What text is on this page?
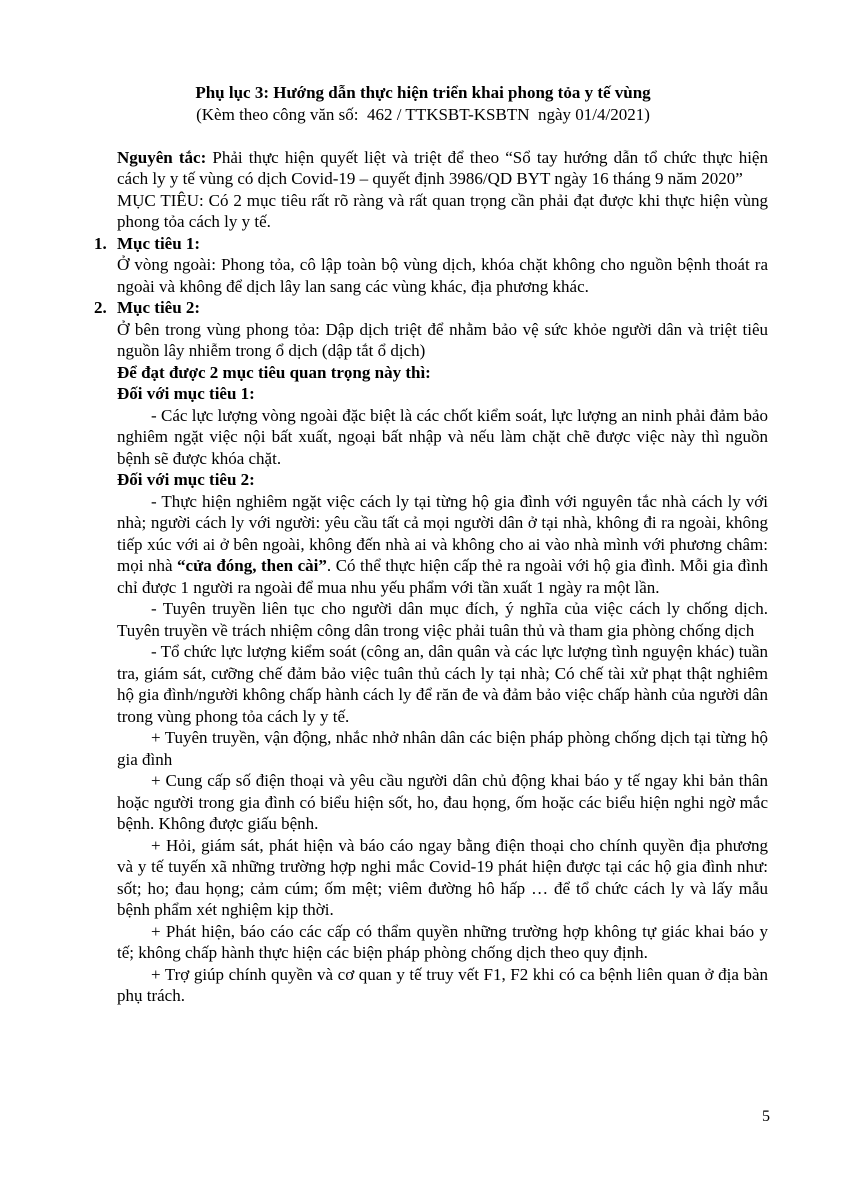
Phụ lục 3: Hướng dẫn thực hiện triển khai phong tỏa y tế vùng
(Kèm theo công văn số:  462 / TTKSBT-KSBTN  ngày 01/4/2021)

Nguyên tắc: Phải thực hiện quyết liệt và triệt để theo “Sổ tay hướng dẫn tổ chức thực hiện cách ly y tế vùng có dịch Covid-19 – quyết định 3986/QD BYT ngày 16 tháng 9 năm 2020”

MỤC TIÊU: Có 2 mục tiêu rất rõ ràng và rất quan trọng cần phải đạt được khi thực hiện vùng phong tỏa cách ly y tế.

1. Mục tiêu 1:

Ở vòng ngoài: Phong tỏa, cô lập toàn bộ vùng dịch, khóa chặt không cho nguồn bệnh thoát ra ngoài và không để dịch lây lan sang các vùng khác, địa phương khác.

2. Mục tiêu 2:

Ở bên trong vùng phong tỏa: Dập dịch triệt để nhằm bảo vệ sức khỏe người dân và triệt tiêu nguồn lây nhiễm trong ổ dịch (dập tắt ổ dịch)

Để đạt được 2 mục tiêu quan trọng này thì:

Đối với mục tiêu 1:

- Các lực lượng vòng ngoài đặc biệt là các chốt kiểm soát, lực lượng an ninh phải đảm bảo nghiêm ngặt việc nội bất xuất, ngoại bất nhập và nếu làm chặt chẽ được việc này thì nguồn bệnh sẽ được khóa chặt.

Đối với mục tiêu 2:

- Thực hiện nghiêm ngặt việc cách ly tại từng hộ gia đình với nguyên tắc nhà cách ly với nhà; người cách ly với người: yêu cầu tất cả mọi người dân ở tại nhà, không đi ra ngoài, không tiếp xúc với ai ở bên ngoài, không đến nhà ai và không cho ai vào nhà mình với phương châm: mọi nhà “cửa đóng, then cài”. Có thể thực hiện cấp thẻ ra ngoài với hộ gia đình. Mỗi gia đình chỉ được 1 người ra ngoài để mua nhu yếu phẩm với tần xuất 1 ngày ra một lần.

- Tuyên truyền liên tục cho người dân mục đích, ý nghĩa của việc cách ly chống dịch. Tuyên truyền về trách nhiệm công dân trong việc phải tuân thủ và tham gia phòng chống dịch

- Tổ chức lực lượng kiểm soát (công an, dân quân và các lực lượng tình nguyện khác) tuần tra, giám sát, cưỡng chế đảm bảo việc tuân thủ cách ly tại nhà; Có chế tài xử phạt thật nghiêm hộ gia đình/người không chấp hành cách ly để răn đe và đảm bảo việc chấp hành của người dân trong vùng phong tỏa cách ly y tế.

+ Tuyên truyền, vận động, nhắc nhở nhân dân các biện pháp phòng chống dịch tại từng hộ gia đình

+ Cung cấp số điện thoại và yêu cầu người dân chủ động khai báo y tế ngay khi bản thân hoặc người trong gia đình có biểu hiện sốt, ho, đau họng, ốm hoặc các biểu hiện nghi ngờ mắc bệnh. Không được giấu bệnh.

+ Hỏi, giám sát, phát hiện và báo cáo ngay bằng điện thoại cho chính quyền địa phương và y tế tuyến xã những trường hợp nghi mắc Covid-19 phát hiện được tại các hộ gia đình như: sốt; ho; đau họng; cảm cúm; ốm mệt; viêm đường hô hấp … để tổ chức cách ly và lấy mẫu bệnh phẩm xét nghiệm kịp thời.

+ Phát hiện, báo cáo các cấp có thẩm quyền những trường hợp không tự giác khai báo y tế; không chấp hành thực hiện các biện pháp phòng chống dịch theo quy định.

+ Trợ giúp chính quyền và cơ quan y tế truy vết F1, F2 khi có ca bệnh liên quan ở địa bàn phụ trách.

5
